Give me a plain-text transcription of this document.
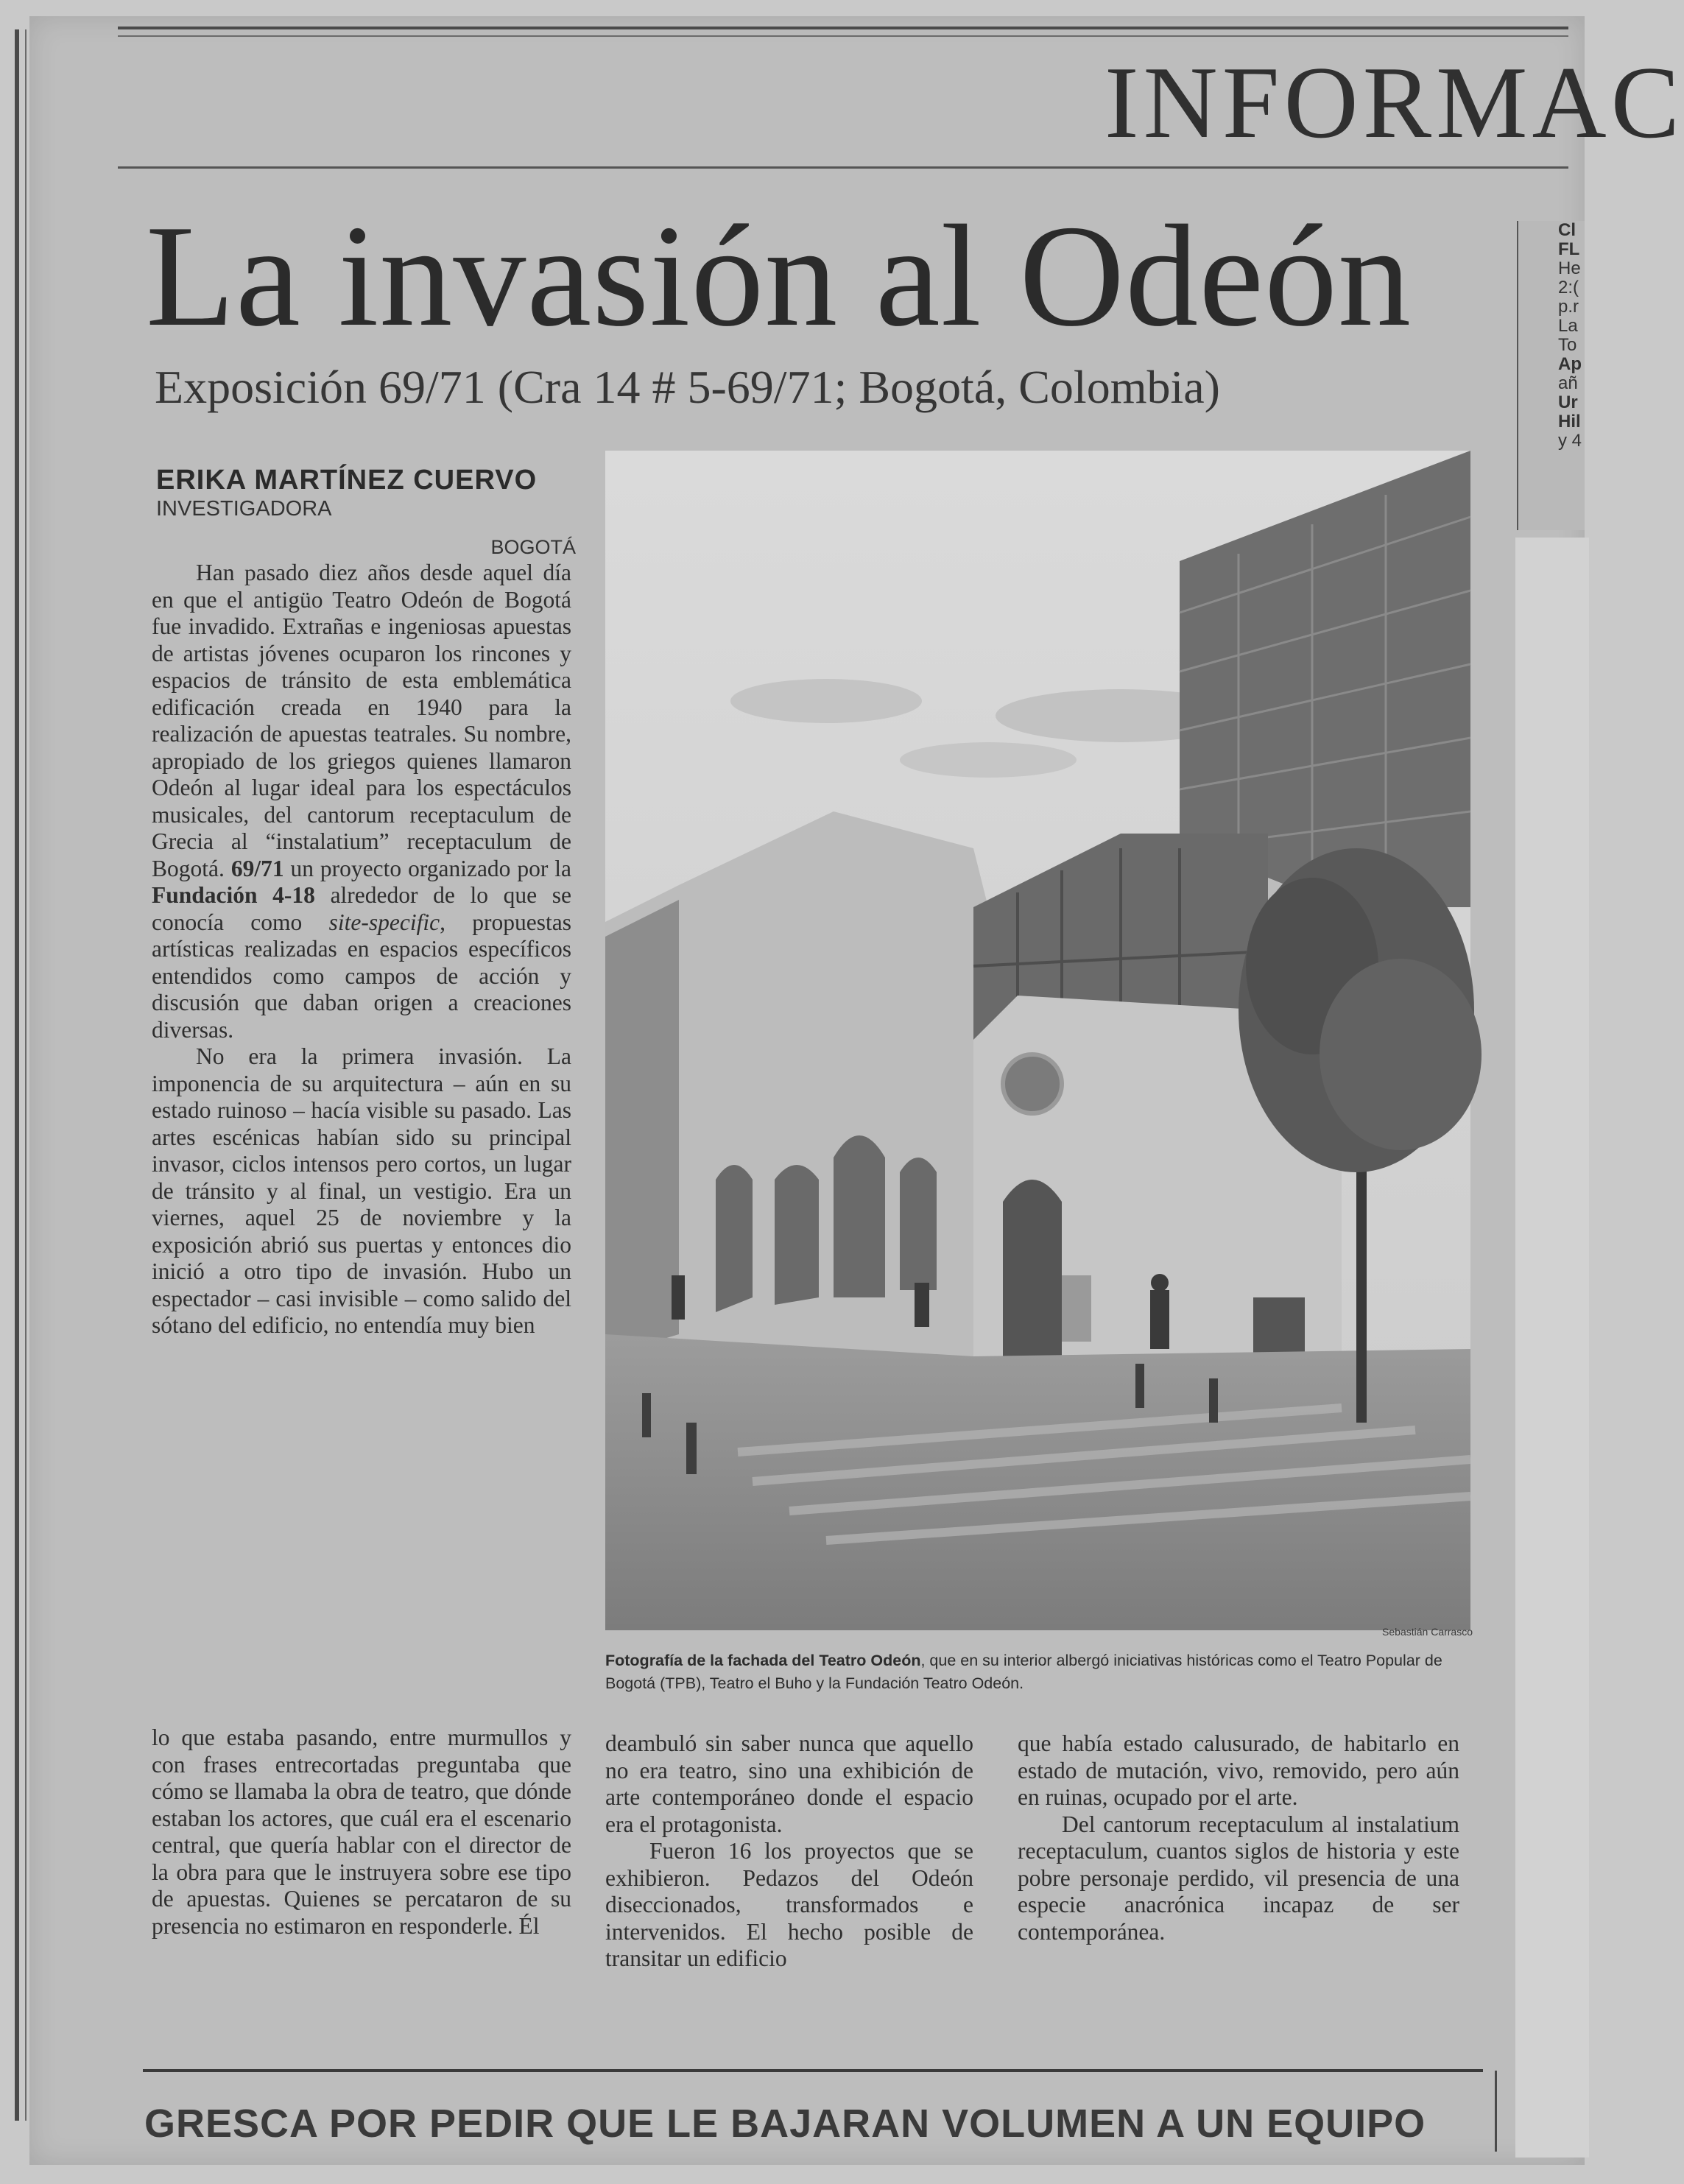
INFORMAC
Cl
FL
He
2:(
p.r
La
To
Ap
añ
Ur
Hil
y 4
La invasión al Odeón
Exposición 69/71 (Cra 14 # 5-69/71; Bogotá, Colombia)
ERIKA MARTÍNEZ CUERVO
INVESTIGADORA
BOGOTÁ

Han pasado diez años desde aquel día en que el antigüo Teatro Odeón de Bogotá fue invadido. Extrañas e ingeniosas apuestas de artistas jóvenes ocuparon los rincones y espacios de tránsito de esta emblemática edificación creada en 1940 para la realización de apuestas teatrales. Su nombre, apropiado de los griegos quienes llamaron Odeón al lugar ideal para los espectáculos musicales, del cantorum receptaculum de Grecia al “instalatium” receptaculum de Bogotá. 69/71 un proyecto organizado por la Fundación 4-18 alrededor de lo que se conocía como site-specific, propuestas artísticas realizadas en espacios específicos entendidos como campos de acción y discusión que daban origen a creaciones diversas.

No era la primera invasión. La imponencia de su arquitectura – aún en su estado ruinoso – hacía visible su pasado. Las artes escénicas habían sido su principal invasor, ciclos intensos pero cortos, un lugar de tránsito y al final, un vestigio. Era un viernes, aquel 25 de noviembre y la exposición abrió sus puertas y entonces dio inició a otro tipo de invasión. Hubo un espectador – casi invisible – como salido del sótano del edificio, no entendía muy bien

lo que estaba pasando, entre murmullos y con frases entrecortadas preguntaba que cómo se llamaba la obra de teatro, que dónde estaban los actores, que cuál era el escenario central, que quería hablar con el director de la obra para que le instruyera sobre ese tipo de apuestas. Quienes se percataron de su presencia no estimaron en responderle. Él

Sebastián Carrasco
Fotografía de la fachada del Teatro Odeón, que en su interior albergó iniciativas históricas como el Teatro Popular de Bogotá (TPB), Teatro el Buho y la Fundación Teatro Odeón.

deambuló sin saber nunca que aquello no era teatro, sino una exhibición de arte contemporáneo donde el espacio era el protagonista.

Fueron 16 los proyectos que se exhibieron. Pedazos del Odeón diseccionados, transformados e intervenidos. El hecho posible de transitar un edificio

que había estado calusurado, de habitarlo en estado de mutación, vivo, removido, pero aún en ruinas, ocupado por el arte.

Del cantorum receptaculum al instalatium receptaculum, cuantos siglos de historia y este pobre personaje perdido, vil presencia de una especie anacrónica incapaz de ser contemporánea.

GRESCA POR PEDIR QUE LE BAJARAN VOLUMEN A UN EQUIPO
